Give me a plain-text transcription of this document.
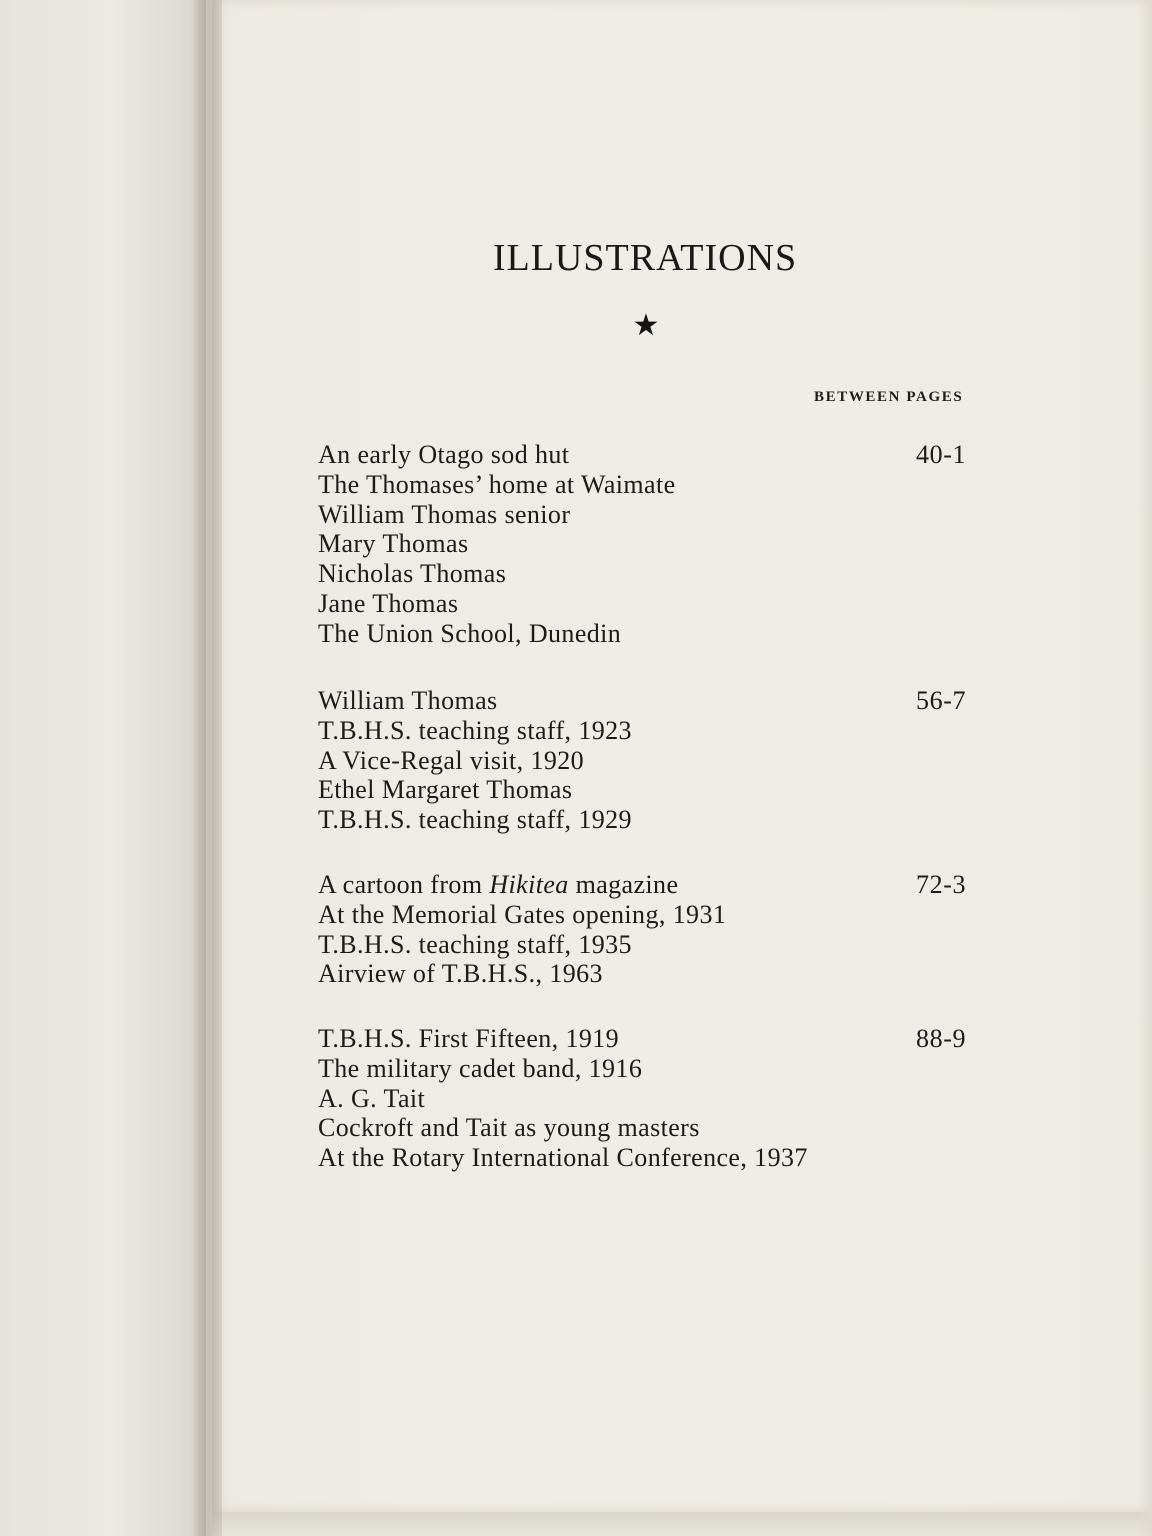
ILLUSTRATIONS
★
BETWEEN PAGES
40-1
An early Otago sod hut
The Thomases’ home at Waimate
William Thomas senior
Mary Thomas
Nicholas Thomas
Jane Thomas
The Union School, Dunedin
56-7
William Thomas
T.B.H.S. teaching staff, 1923
A Vice-Regal visit, 1920
Ethel Margaret Thomas
T.B.H.S. teaching staff, 1929
72-3
A cartoon from Hikitea magazine
At the Memorial Gates opening, 1931
T.B.H.S. teaching staff, 1935
Airview of T.B.H.S., 1963
88-9
T.B.H.S. First Fifteen, 1919
The military cadet band, 1916
A. G. Tait
Cockroft and Tait as young masters
At the Rotary International Conference, 1937
